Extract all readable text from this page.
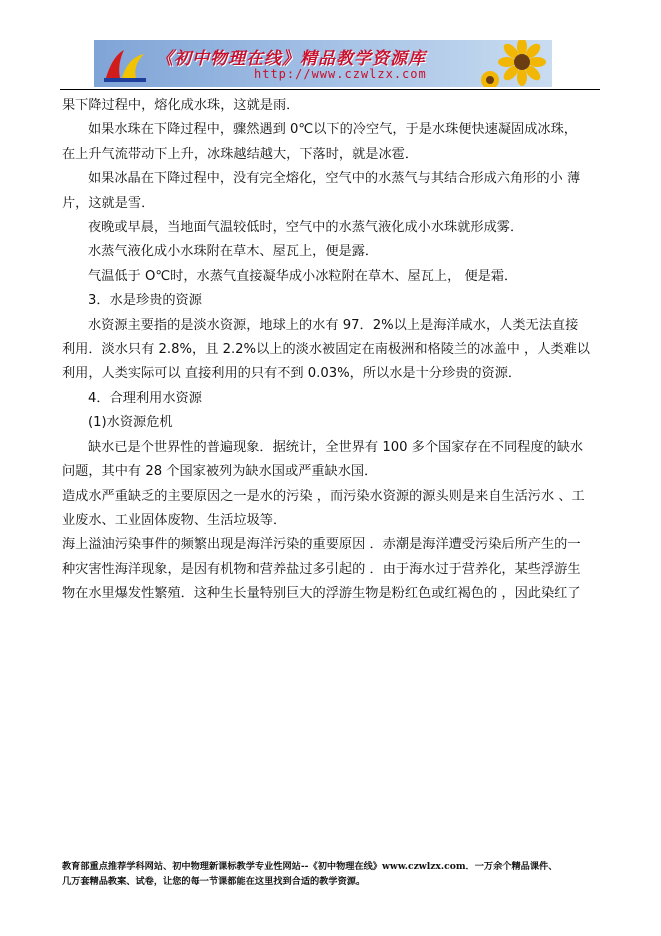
《初中物理在线》精品教学资源库
http://www.czwlzx.com

果下降过程中，熔化成水珠，这就是雨．

如果水珠在下降过程中，骤然遇到 0℃以下的冷空气，于是水珠便快速凝固成冰珠，

在上升气流带动下上升，冰珠越结越大，下落时，就是冰雹．

如果冰晶在下降过程中，没有完全熔化，空气中的水蒸气与其结合形成六角形的小 薄

片，这就是雪．

夜晚或早晨，当地面气温较低时，空气中的水蒸气液化成小水珠就形成雾．

水蒸气液化成小水珠附在草木、屋瓦上，便是露．

气温低于 O℃时，水蒸气直接凝华成小冰粒附在草木、屋瓦上， 便是霜．

3．水是珍贵的资源

水资源主要指的是淡水资源，地球上的水有 97．2%以上是海洋咸水，人类无法直接

利用．淡水只有 2.8%，且 2.2%以上的淡水被固定在南极洲和格陵兰的冰盖中 ，人类难以

利用，人类实际可以 直接利用的只有不到 0.03%，所以水是十分珍贵的资源．

4．合理利用水资源

(1)水资源危机

缺水已是个世界性的普遍现象．据统计，全世界有 100 多个国家存在不同程度的缺水

问题，其中有 28 个国家被列为缺水国或严重缺水国．

造成水严重缺乏的主要原因之一是水的污染 ，而污染水资源的源头则是来自生活污水 、工

业废水、工业固体废物、生活垃圾等．

海上溢油污染事件的频繁出现是海洋污染的重要原因 ．赤潮是海洋遭受污染后所产生的一

种灾害性海洋现象，是因有机物和营养盐过多引起的 ．由于海水过于营养化，某些浮游生

物在水里爆发性繁殖．这种生长量特别巨大的浮游生物是粉红色或红褐色的 ，因此染红了

教育部重点推荐学科网站、初中物理新课标教学专业性网站--《初中物理在线》www.czwlzx.com．一万余个精品课件、
几万套精品教案、试卷，让您的每一节课都能在这里找到合适的教学资源。
